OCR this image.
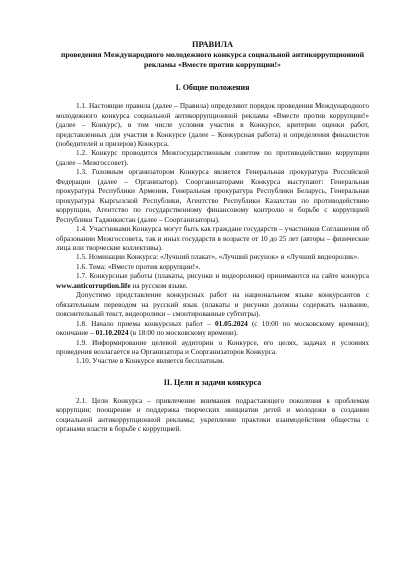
ПРАВИЛА

проведения Международного молодежного конкурса социальной антикоррупционной рекламы «Вместе против коррупции!»

I. Общие положения

1.1. Настоящие правила (далее – Правила) определяют порядок проведения Международного молодежного конкурса социальной антикоррупционной рекламы «Вместе против коррупции!» (далее – Конкурс), в том числе условия участия в Конкурсе, критерии оценки работ, представленных для участия в Конкурсе (далее – Конкурсная работа) и определения финалистов (победителей и призеров) Конкурса.

1.2. Конкурс проводится Межгосударственным советом по противодействию коррупции (далее – Межгоссовет).

1.3. Головным организатором Конкурса является Генеральная прокуратура Российской Федерации (далее – Организатор). Соорганизаторами Конкурса выступают: Генеральная прокуратура Республики Армения, Генеральная прокуратура Республики Беларусь, Генеральная прокуратура Кыргызской Республики, Агентство Республики Казахстан по противодействию коррупции, Агентство по государственному финансовому контролю и борьбе с коррупцией Республики Таджикистан (далее – Соорганизаторы).

1.4. Участниками Конкурса могут быть как граждане государств – участников Соглашения об образовании Межгоссовета, так и иных государств в возрасте от 10 до 25 лет (авторы – физические лица или творческие коллективы).

1.5. Номинации Конкурса: «Лучший плакат», «Лучший рисунок» и «Лучший видеоролик».

1.6. Тема: «Вместе против коррупции!».

1.7. Конкурсные работы (плакаты, рисунки и видеоролики) принимаются на сайте конкурса www.anticorruption.life на русском языке.

Допустимо представление конкурсных работ на национальном языке конкурсантов с обязательным переводом на русский язык (плакаты и рисунки должны содержать название, пояснительный текст, видеоролики – смонтированные субтитры).

1.8. Начало приема конкурсных работ – 01.05.2024 (с 10:00 по московскому времени); окончание – 01.10.2024 (в 18:00 по московскому времени).

1.9. Информирование целевой аудитории о Конкурсе, его целях, задачах и условиях проведения возлагается на Организатора и Соорганизаторов Конкурса.

1.10. Участие в Конкурсе является бесплатным.

II. Цели и задачи конкурса

2.1. Цели Конкурса – привлечение внимания подрастающего поколения к проблемам коррупции; поощрение и поддержка творческих инициатив детей и молодежи в создании социальной антикоррупционной рекламы; укрепление практики взаимодействия общества с органами власти в борьбе с коррупцией.
